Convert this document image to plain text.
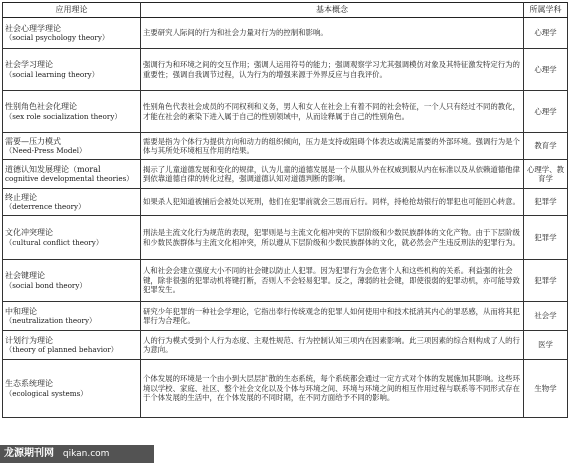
应用理论	基本概念	所属学科

社会心理学理论
（social psychology theory）	主要研究人际间的行为和社会力量对行为的控制和影响。	心理学

社会学习理论
（social learning theory）	强调行为和环境之间的交互作用；强调人运用符号的能力；强调观察学习尤其强调模仿对象及其特征激发特定行为的重要性；强调自我调节过程，认为行为的增强来源于外界反应与自我评价。	心理学

性别角色社会化理论
（sex role socialization theory）	性别角色代表社会成员的不同权利和义务，男人和女人在社会上有着不同的社会特征，一个人只有经过不同的教化，才能在社会的紊染下进入属于自己的性别领域中，从而诠释属于自己的性别角色。	心理学

需要—压力模式
（Need-Press Model）	需要是指为个体行为提供方向和动力的组织倾向，压力是支持或阻碍个体表达或满足需要的外部环境。强调行为是个体与其所处环境相互作用的结果。	教育学

道德认知发展理论（moral
cognitive developmental theories）	揭示了儿童道德发展和变化的规律，认为儿童的道德发展是一个从服从外在权威到服从内在标准以及从依赖道德他律到依靠道德自律的转化过程，强调道德认知对道德判断的影响。	心理学、教育学

终止理论
（deterrence theory）	如果杀人犯知道被捕后会被处以死刑，他们在犯罪前就会三思而后行。同样，持枪抢劫银行的罪犯也可能回心转意。	犯罪学

文化冲突理论
（cultural conflict theory）	刑法是主流文化行为规范的表现，犯罪则是与主流文化相冲突的下层阶级和少数民族群体的文化产物。由于下层阶级和少数民族群体与主流文化相冲突，所以遵从下层阶级和少数民族群体的文化，就必然会产生违反刑法的犯罪行为。	犯罪学

社会键理论
（social bond theory）	人和社会会建立强度大小不同的社会键以防止人犯罪。因为犯罪行为会危害个人和这些机构的关系。利益强的社会键，除非很强的犯罪动机将键打断，否则人不会轻易犯罪。反之，薄弱的社会键，即使很弱的犯罪动机，亦可能导致犯罪发生。	犯罪学

中和理论
（neutralization theory）	研究少年犯罪的一种社会学理论，它指出奉行传统观念的犯罪人如何使用中和技术抵消其内心的罪恶感，从而将其犯罪行为合理化。	社会学

计划行为理论
（theory of planned behavior）	人的行为模式受到个人行为态度、主观性规范、行为控制认知三项内在因素影响。此三项因素的综合则构成了人的行为意向。	医学

生态系统理论
（ecological systems）	个体发展的环境是一个由小到大层层扩散的生态系统，每个系统都会通过一定方式对个体的发展施加其影响。这些环境以学校、家庭、社区、整个社会文化以及个体与环境之间、环境与环境之间的相互作用过程与联系等不同形式存在于个体发展的生活中，在个体发展的不同时期，在不同方面给予不同的影响。	生物学
龙源期刊网 qikan.com
